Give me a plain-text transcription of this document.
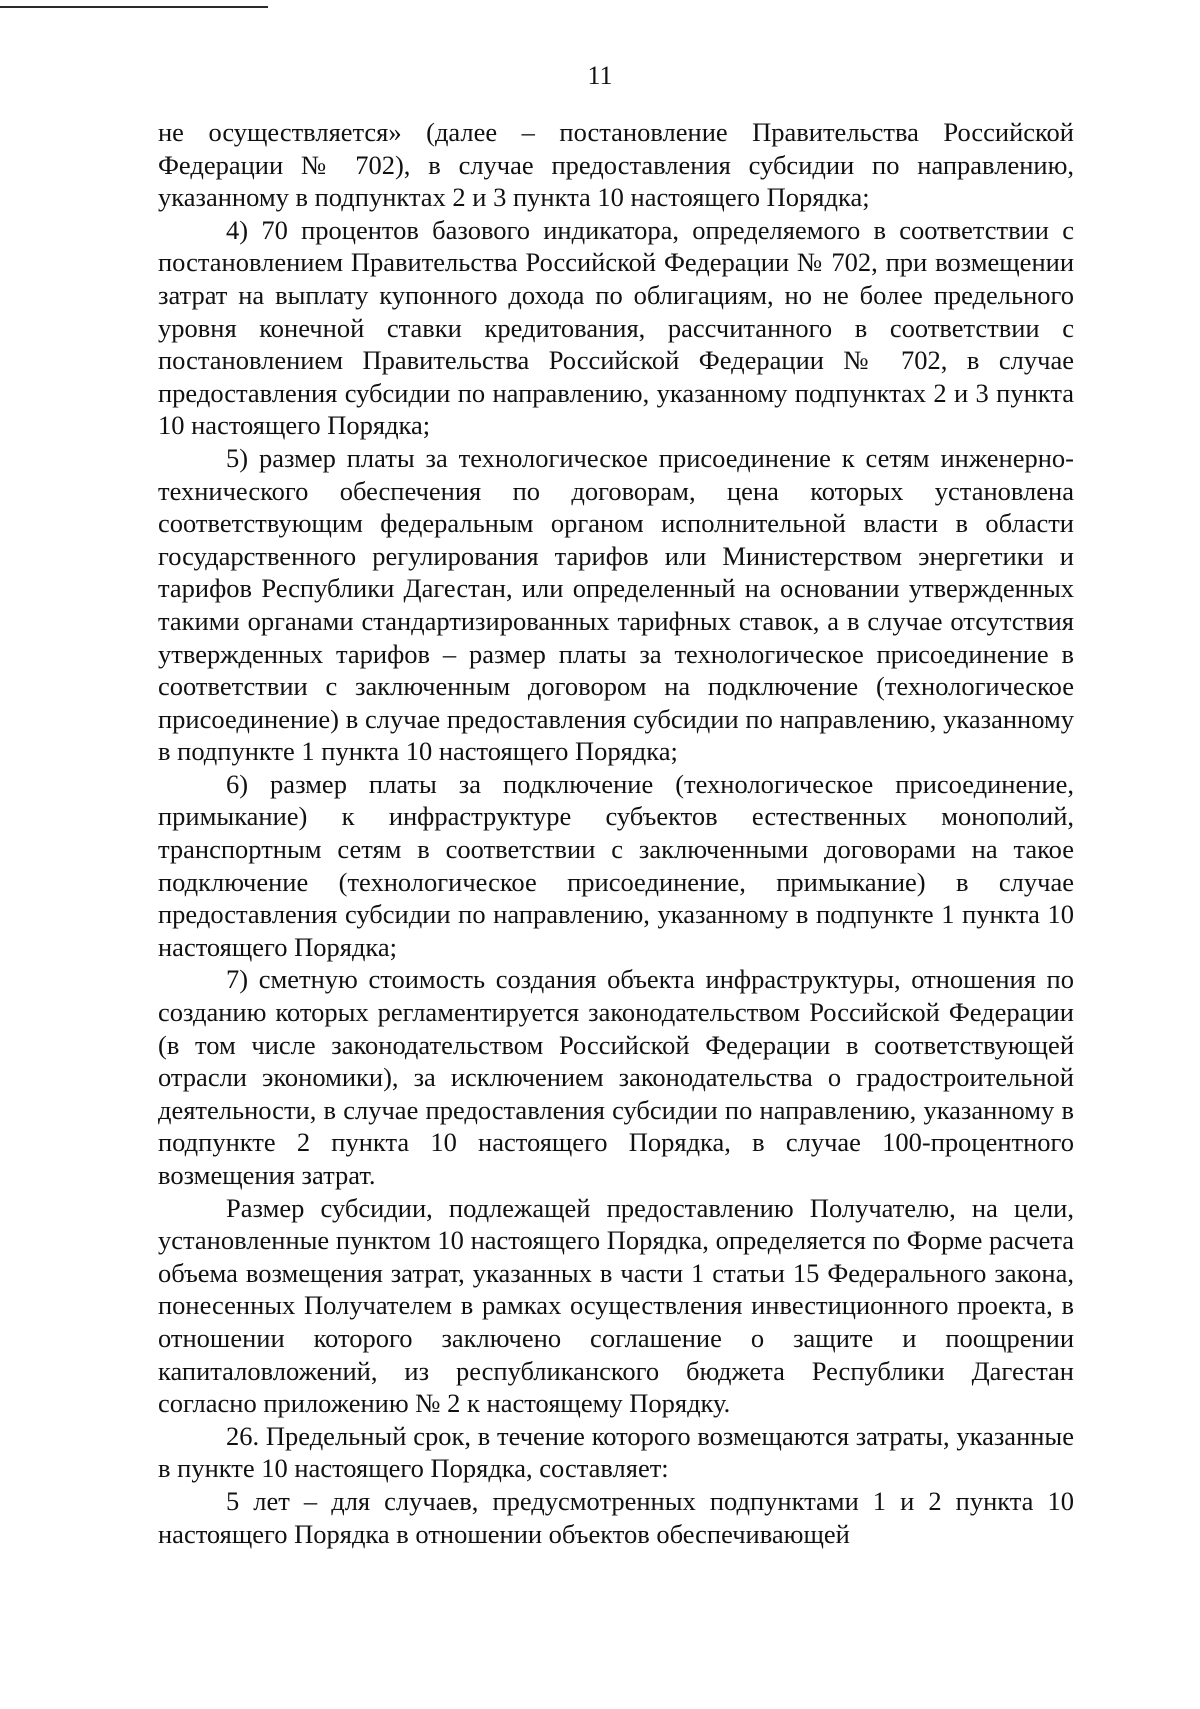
11

не осуществляется» (далее – постановление Правительства Российской Федерации № 702), в случае предоставления субсидии по направлению, указанному в подпунктах 2 и 3 пункта 10 настоящего Порядка;

4) 70 процентов базового индикатора, определяемого в соответствии с постановлением Правительства Российской Федерации № 702, при возмещении затрат на выплату купонного дохода по облигациям, но не более предельного уровня конечной ставки кредитования, рассчитанного в соответствии с постановлением Правительства Российской Федерации № 702, в случае предоставления субсидии по направлению, указанному подпунктах 2 и 3 пункта 10 настоящего Порядка;

5) размер платы за технологическое присоединение к сетям инженерно-технического обеспечения по договорам, цена которых установлена соответствующим федеральным органом исполнительной власти в области государственного регулирования тарифов или Министерством энергетики и тарифов Республики Дагестан, или определенный на основании утвержденных такими органами стандартизированных тарифных ставок, а в случае отсутствия утвержденных тарифов – размер платы за технологическое присоединение в соответствии с заключенным договором на подключение (технологическое присоединение) в случае предоставления субсидии по направлению, указанному в подпункте 1 пункта 10 настоящего Порядка;

6) размер платы за подключение (технологическое присоединение, примыкание) к инфраструктуре субъектов естественных монополий, транспортным сетям в соответствии с заключенными договорами на такое подключение (технологическое присоединение, примыкание) в случае предоставления субсидии по направлению, указанному в подпункте 1 пункта 10 настоящего Порядка;

7) сметную стоимость создания объекта инфраструктуры, отношения по созданию которых регламентируется законодательством Российской Федерации (в том числе законодательством Российской Федерации в соответствующей отрасли экономики), за исключением законодательства о градостроительной деятельности, в случае предоставления субсидии по направлению, указанному в подпункте 2 пункта 10 настоящего Порядка, в случае 100-процентного возмещения затрат.

Размер субсидии, подлежащей предоставлению Получателю, на цели, установленные пунктом 10 настоящего Порядка, определяется по Форме расчета объема возмещения затрат, указанных в части 1 статьи 15 Федерального закона, понесенных Получателем в рамках осуществления инвестиционного проекта, в отношении которого заключено соглашение о защите и поощрении капиталовложений, из республиканского бюджета Республики Дагестан согласно приложению № 2 к настоящему Порядку.

26. Предельный срок, в течение которого возмещаются затраты, указанные в пункте 10 настоящего Порядка, составляет:

5 лет – для случаев, предусмотренных подпунктами 1 и 2 пункта 10 настоящего Порядка в отношении объектов обеспечивающей
